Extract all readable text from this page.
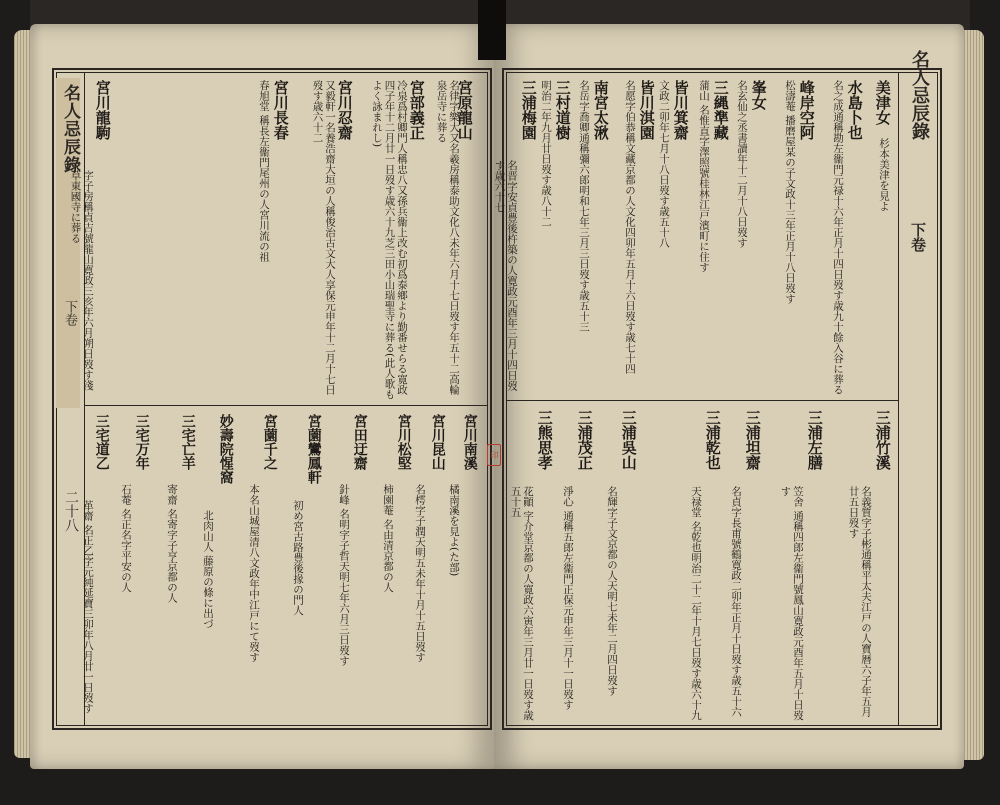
名人忌辰錄
下卷
二十八
宮原龍山
名律字樂大又名羲房稱泰助文化八未年六月十七日歿す年五十二高輪泉岳寺に葬る
宮部義正
冷泉爲村卿門人稱忠八又孫兵衞上改む初爲泰鄉より勤番せらる寛政四子年十二月廿一日歿す歳六十九芝三田小山瑞聖寺に葬る(此人歌もよく詠まれし)
宮川忍齋
又毅軒一名養浩齋大垣の人稱俊治古文大人享保元申年十二月十七日歿す歳六十二
宮川長春
春旭堂 稱長左衞門尾州の人宮川流の祖
宮川龍駒
字子房稱貞吉號龍山寛政三亥年六月朔日歿す淺
宮川南溪
橘南溪を見よ(た部)
宮川昆山
名樗字子潤天明五未年十月十五日歿す
宮川松堅
柿園菴 名由清京都の人
宮田迂齋
針峰 名明字子哲天明七年六月三日歿す
宮薗鸞鳳軒
初め宮古路豊後掾の門人
宮薗千之
本名山城屋清八文政年中江戸にて歿す
妙壽院惺窩
北肉山人 藤原の條に出づ
三宅亡羊
寄齋 名寄字子亨京都の人
三宅万年
石菴 名正名字平安の人
三宅道乙
革齋 名正乙字元純延寶三卯年八月廿一日歿す
名人忌辰錄
下卷
美津女
杉本美津を見よ
水島卜也
名之成通稱勘左衞門元禄十六年正月十四日歿す歳九十餘入谷に葬る
峰岸空阿
松濤菴 播磨屋某の子文政十三年正月十八日歿す
峯女
名玄仙之丞書讀年十二月十八日歿す
三縄準藏
蒲山 名惟直字澤照號桂林江戸濱町に住す
皆川箕齋
文政二卯年七月十八日歿す歳五十八
皆川淇園
名愿字伯恭稱文藏京都の人文化四卯年五月十六日歿す歳七十四
南宮太湫
名岳字喬卿通稱彌六郎明和七年三月三日歿す歳五十三
三村道樹
明治二年九月廿日歿す歳八十二
三浦梅園
名晋字安貞豊後杵築の人寛政元酉年三月十四日歿す歳六十七
三浦竹溪
名義質字子彬通稱平太夫江戸の人寶暦六子年五月廿五日歿す
三浦左膳
笠舍 通稱四郎左衞門號鳳山寛政元酉年五月十日歿す
三浦坦齋
名貞字長甫號鶴寛政二卯年正月十日歿す歳五十六
三浦乾也
天禄堂 名乾也明治二十二年十月七日歿す歳六十九
三浦吳山
名輝字子文京都の人天明七未年二月四日歿す
三浦茂正
淨心 通稱五郎左衞門正保元申年三月十一日歿す
三熊思孝
花顚 字介堂京都の人寛政六寅年三月廿一日歿す歳五十五
印
